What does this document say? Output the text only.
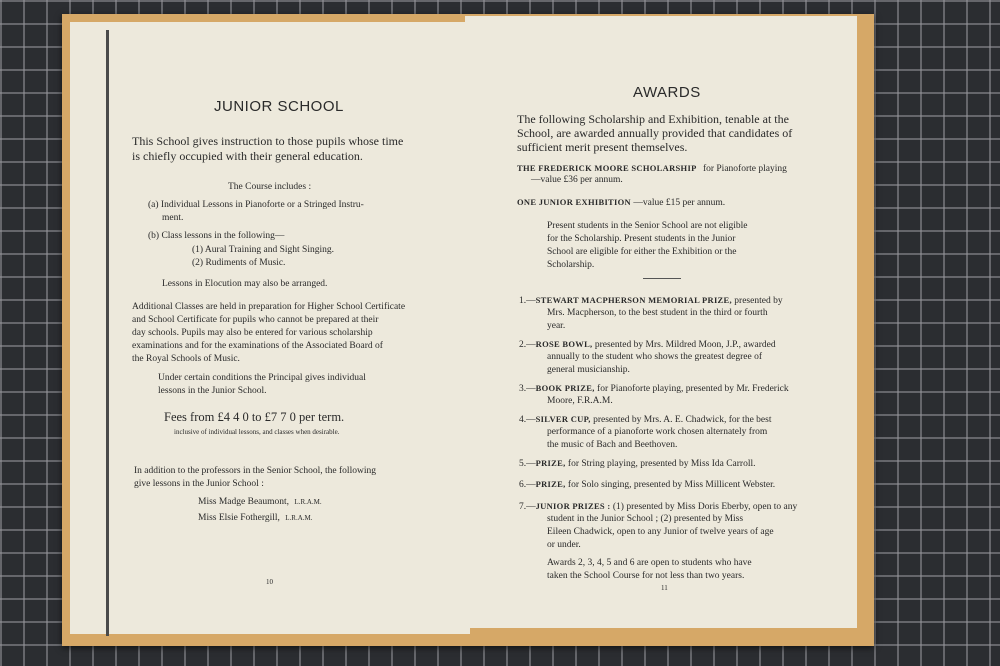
JUNIOR SCHOOL
This School gives instruction to those pupils whose time
is chiefly occupied with their general education.
The Course includes :
(a) Individual Lessons in Pianoforte or a Stringed Instru-
ment.
(b) Class lessons in the following—
(1) Aural Training and Sight Singing.
(2) Rudiments of Music.
Lessons in Elocution may also be arranged.
Additional Classes are held in preparation for Higher School Certificate
and School Certificate for pupils who cannot be prepared at their
day schools. Pupils may also be entered for various scholarship
examinations and for the examinations of the Associated Board of
the Royal Schools of Music.
Under certain conditions the Principal gives individual
lessons in the Junior School.
Fees from £4 4 0 to £7 7 0 per term.
inclusive of individual lessons, and classes when desirable.
In addition to the professors in the Senior School, the following
give lessons in the Junior School :
Miss Madge Beaumont, L.R.A.M.
Miss Elsie Fothergill, L.R.A.M.
10
AWARDS
The following Scholarship and Exhibition, tenable at the
School, are awarded annually provided that candidates of
sufficient merit present themselves.
THE FREDERICK MOORE SCHOLARSHIP for Pianoforte playing
—value £36 per annum.
ONE JUNIOR EXHIBITION —value £15 per annum.
Present students in the Senior School are not eligible
for the Scholarship. Present students in the Junior
School are eligible for either the Exhibition or the
Scholarship.
1.—STEWART MACPHERSON MEMORIAL PRIZE, presented by
Mrs. Macpherson, to the best student in the third or fourth
year.
2.—ROSE BOWL, presented by Mrs. Mildred Moon, J.P., awarded
annually to the student who shows the greatest degree of
general musicianship.
3.—BOOK PRIZE, for Pianoforte playing, presented by Mr. Frederick
Moore, F.R.A.M.
4.—SILVER CUP, presented by Mrs. A. E. Chadwick, for the best
performance of a pianoforte work chosen alternately from
the music of Bach and Beethoven.
5.—PRIZE, for String playing, presented by Miss Ida Carroll.
6.—PRIZE, for Solo singing, presented by Miss Millicent Webster.
7.—JUNIOR PRIZES : (1) presented by Miss Doris Eberby, open to any
student in the Junior School ; (2) presented by Miss
Eileen Chadwick, open to any Junior of twelve years of age
or under.
Awards 2, 3, 4, 5 and 6 are open to students who have
taken the School Course for not less than two years.
11
